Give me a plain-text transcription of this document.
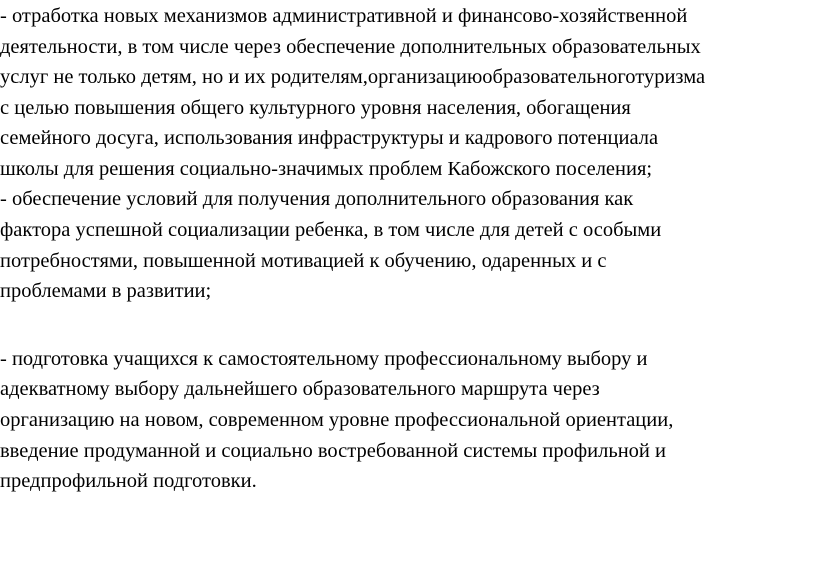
- отработка новых механизмов административной и финансово-хозяйственной
деятельности, в том числе через обеспечение дополнительных образовательных
услуг не только детям, но и их родителям,организациюобразовательноготуризма
с целью повышения общего культурного уровня населения, обогащения
семейного досуга, использования инфраструктуры и кадрового потенциала
школы для решения социально-значимых проблем Кабожского поселения;
- обеспечение условий для получения дополнительного образования как
фактора успешной социализации ребенка, в том числе для детей с особыми
потребностями, повышенной мотивацией к обучению, одаренных и с
проблемами в развитии;
- подготовка учащихся к самостоятельному профессиональному выбору и
адекватному выбору дальнейшего образовательного маршрута через
организацию на новом, современном уровне профессиональной ориентации,
введение продуманной и социально востребованной системы профильной и
предпрофильной подготовки.
